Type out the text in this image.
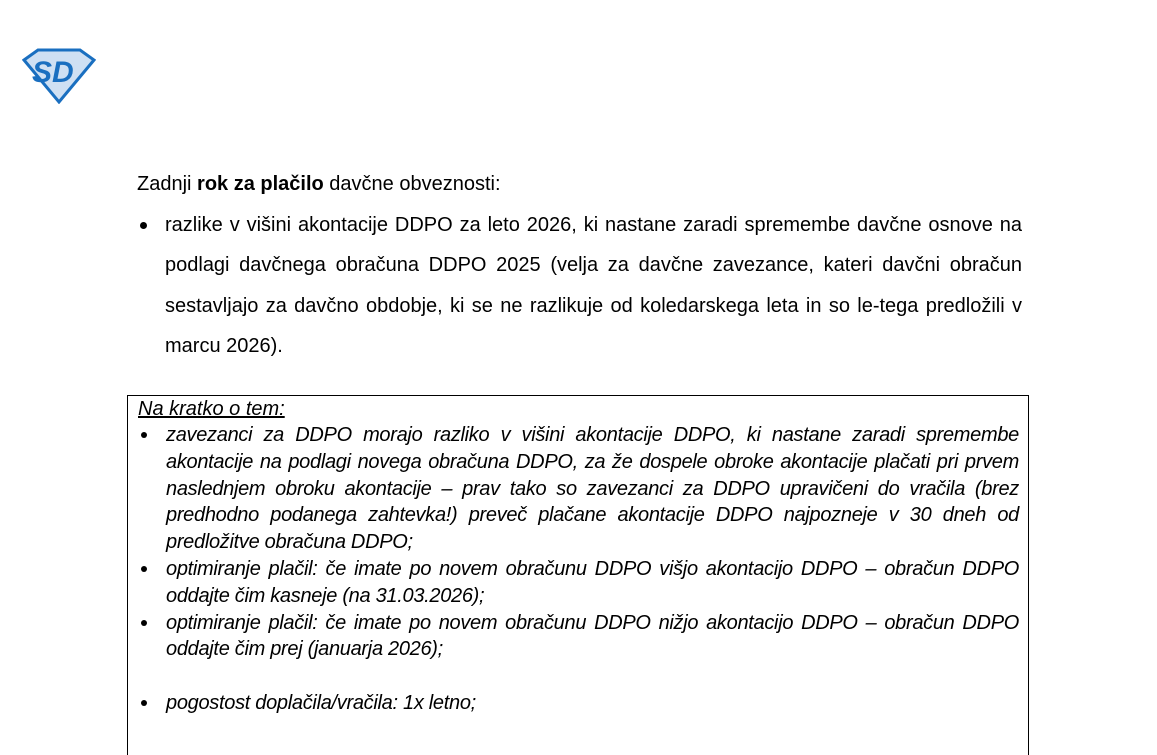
SD

Zadnji rok za plačilo davčne obveznosti:

razlike v višini akontacije DDPO za leto 2026, ki nastane zaradi spremembe davčne osnove na podlagi davčnega obračuna DDPO 2025 (velja za davčne zavezance, kateri davčni obračun sestavljajo za davčno obdobje, ki se ne razlikuje od koledarskega leta in so le-tega predložili v marcu 2026).
Na kratko o tem:
zavezanci za DDPO morajo razliko v višini akontacije DDPO, ki nastane zaradi spremembe akontacije na podlagi novega obračuna DDPO, za že dospele obroke akontacije plačati pri prvem naslednjem obroku akontacije – prav tako so zavezanci za DDPO upravičeni do vračila (brez predhodno podanega zahtevka!) preveč plačane akontacije DDPO najpozneje v 30 dneh od predložitve obračuna DDPO;
optimiranje plačil: če imate po novem obračunu DDPO višjo akontacijo DDPO – obračun DDPO oddajte čim kasneje (na 31.03.2026);
optimiranje plačil: če imate po novem obračunu DDPO nižjo akontacijo DDPO – obračun DDPO oddajte čim prej (januarja 2026);
pogostost doplačila/vračila: 1x letno;
